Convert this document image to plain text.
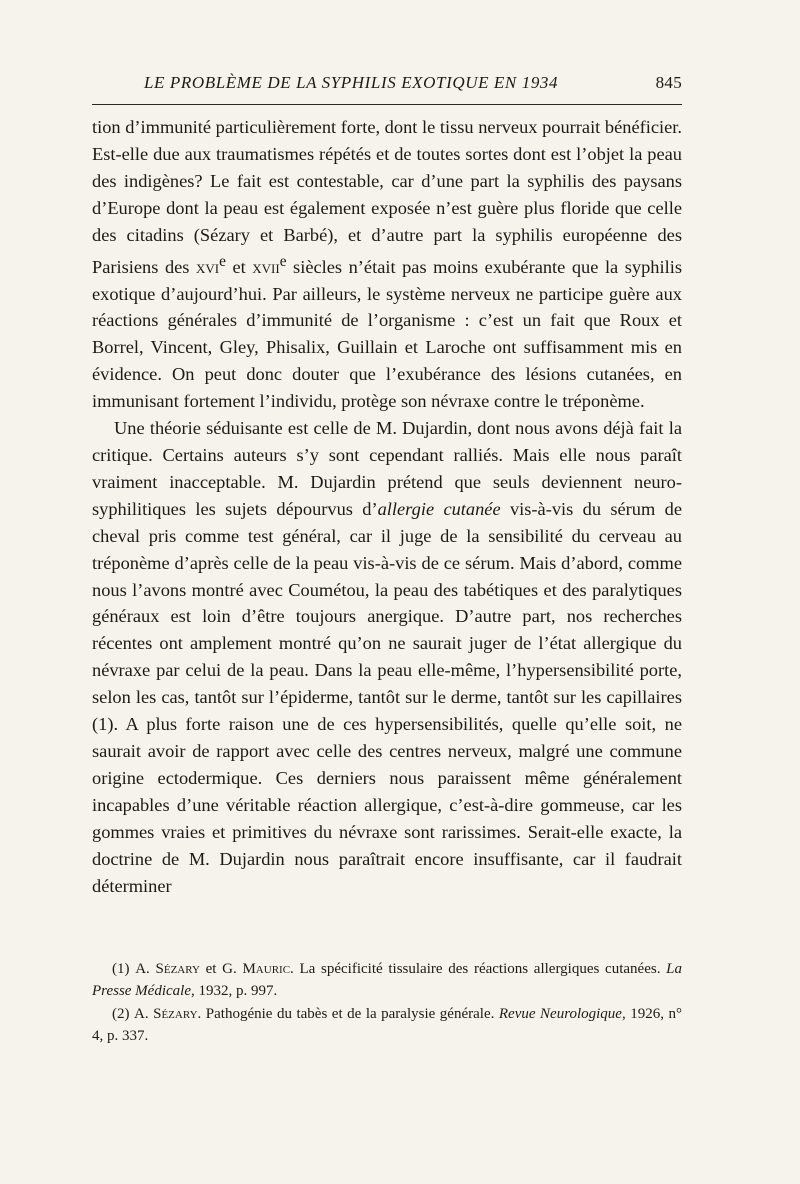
LE PROBLÈME DE LA SYPHILIS EXOTIQUE EN 1934	845

tion d’immunité particulièrement forte, dont le tissu nerveux pourrait bénéficier. Est-elle due aux traumatismes répétés et de toutes sortes dont est l’objet la peau des indigènes? Le fait est contestable, car d’une part la syphilis des paysans d’Europe dont la peau est également exposée n’est guère plus floride que celle des citadins (Sézary et Barbé), et d’autre part la syphilis européenne des Parisiens des xvi$^e$ et xvii$^e$ siècles n’était pas moins exubérante que la syphilis exotique d’aujourd’hui. Par ailleurs, le système nerveux ne participe guère aux réactions générales d’immunité de l’organisme : c’est un fait que Roux et Borrel, Vincent, Gley, Phisalix, Guillain et Laroche ont suffisamment mis en évidence. On peut donc douter que l’exubérance des lésions cutanées, en immunisant fortement l’individu, protège son névraxe contre le tréponème.

Une théorie séduisante est celle de M. Dujardin, dont nous avons déjà fait la critique. Certains auteurs s’y sont cependant ralliés. Mais elle nous paraît vraiment inacceptable. M. Dujardin prétend que seuls deviennent neuro-syphilitiques les sujets dépourvus d’allergie cutanée vis-à-vis du sérum de cheval pris comme test général, car il juge de la sensibilité du cerveau au tréponème d’après celle de la peau vis-à-vis de ce sérum. Mais d’abord, comme nous l’avons montré avec Coumétou, la peau des tabétiques et des paralytiques généraux est loin d’être toujours anergique. D’autre part, nos recherches récentes ont amplement montré qu’on ne saurait juger de l’état allergique du névraxe par celui de la peau. Dans la peau elle-même, l’hypersensibilité porte, selon les cas, tantôt sur l’épiderme, tantôt sur le derme, tantôt sur les capillaires (1). A plus forte raison une de ces hypersensibilités, quelle qu’elle soit, ne saurait avoir de rapport avec celle des centres nerveux, malgré une commune origine ectodermique. Ces derniers nous paraissent même généralement incapables d’une véritable réaction allergique, c’est-à-dire gommeuse, car les gommes vraies et primitives du névraxe sont rarissimes. Serait-elle exacte, la doctrine de M. Dujardin nous paraîtrait encore insuffisante, car il faudrait déterminer

(1) A. Sézary et G. Mauric. La spécificité tissulaire des réactions allergiques cutanées. La Presse Médicale, 1932, p. 997.

(2) A. Sézary. Pathogénie du tabès et de la paralysie générale. Revue Neurologique, 1926, n° 4, p. 337.
